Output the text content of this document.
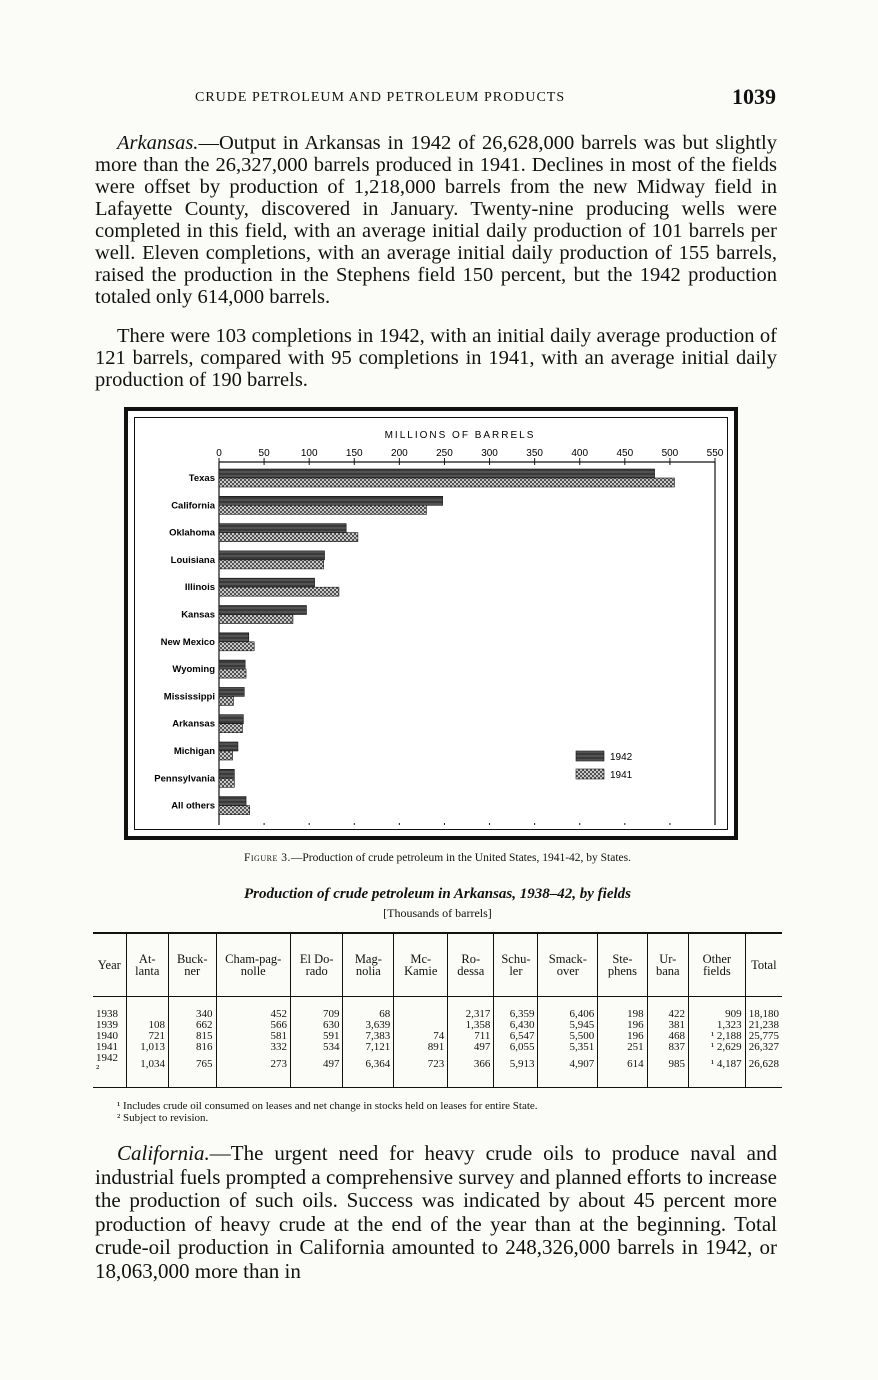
CRUDE PETROLEUM AND PETROLEUM PRODUCTS	1039

Arkansas.—Output in Arkansas in 1942 of 26,628,000 barrels was but slightly more than the 26,327,000 barrels produced in 1941. Declines in most of the fields were offset by production of 1,218,000 barrels from the new Midway field in Lafayette County, discovered in January. Twenty-nine producing wells were completed in this field, with an average initial daily production of 101 barrels per well. Eleven completions, with an average initial daily production of 155 barrels, raised the production in the Stephens field 150 percent, but the 1942 production totaled only 614,000 barrels.

There were 103 completions in 1942, with an initial daily average production of 121 barrels, compared with 95 completions in 1941, with an average initial daily production of 190 barrels.

MILLIONS OF BARRELS
0	50	100	150	200	250	300	350	400	450	500	550
Texas
California
Oklahoma
Louisiana
Illinois
Kansas
New Mexico
Wyoming
Mississippi
Arkansas
Michigan
Pennsylvania
All others
1942
1941
Figure 3.—Production of crude petroleum in the United States, 1941-42, by States.
Production of crude petroleum in Arkansas, 1938–42, by fields
[Thousands of barrels]
Year	At-lanta	Buck-ner	Cham-pag-nolle	El Do-rado	Mag-nolia	Mc-Kamie	Ro-dessa	Schu-ler	Smack-over	Ste-phens	Ur-bana	Other fields	Total

1938		340	452	709	68		2,317	6,359	6,406	198	422	909	18,180
1939	108	662	566	630	3,639		1,358	6,430	5,945	196	381	1,323	21,238
1940	721	815	581	591	7,383	74	711	6,547	5,500	196	468	¹ 2,188	25,775
1941	1,013	816	332	534	7,121	891	497	6,055	5,351	251	837	¹ 2,629	26,327
1942 ²	1,034	765	273	497	6,364	723	366	5,913	4,907	614	985	¹ 4,187	26,628
¹ Includes crude oil consumed on leases and net change in stocks held on leases for entire State.
² Subject to revision.

California.—The urgent need for heavy crude oils to produce naval and industrial fuels prompted a comprehensive survey and planned efforts to increase the production of such oils. Success was indicated by about 45 percent more production of heavy crude at the end of the year than at the beginning. Total crude-oil production in California amounted to 248,326,000 barrels in 1942, or 18,063,000 more than in
